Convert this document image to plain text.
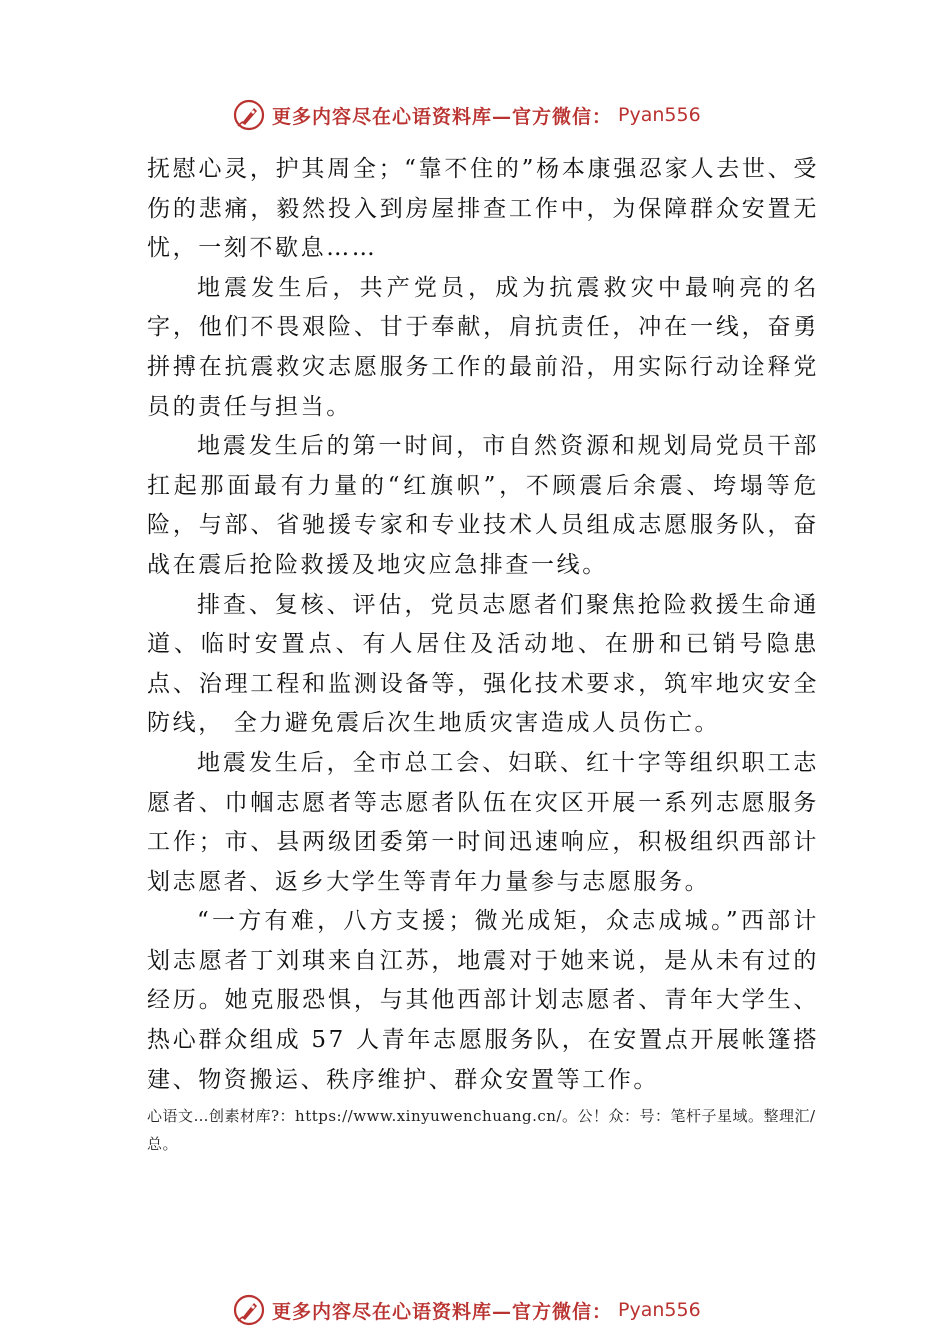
更多内容尽在心语资料库—官方微信： Pyan556

抚慰心灵，护其周全；“靠不住的”杨本康强忍家人去世、受伤的悲痛，毅然投入到房屋排查工作中，为保障群众安置无忧，一刻不歇息……

地震发生后，共产党员，成为抗震救灾中最响亮的名字，他们不畏艰险、甘于奉献，肩抗责任，冲在一线，奋勇拼搏在抗震救灾志愿服务工作的最前沿，用实际行动诠释党员的责任与担当。

地震发生后的第一时间，市自然资源和规划局党员干部扛起那面最有力量的“红旗帜”，不顾震后余震、垮塌等危险，与部、省驰援专家和专业技术人员组成志愿服务队，奋战在震后抢险救援及地灾应急排查一线。

排查、复核、评估，党员志愿者们聚焦抢险救援生命通道、临时安置点、有人居住及活动地、在册和已销号隐患点、治理工程和监测设备等，强化技术要求，筑牢地灾安全防线， 全力避免震后次生地质灾害造成人员伤亡。

地震发生后，全市总工会、妇联、红十字等组织职工志愿者、巾帼志愿者等志愿者队伍在灾区开展一系列志愿服务工作；市、县两级团委第一时间迅速响应，积极组织西部计划志愿者、返乡大学生等青年力量参与志愿服务。

“一方有难，八方支援；微光成矩，众志成城。”西部计划志愿者丁刘琪来自江苏，地震对于她来说，是从未有过的经历。她克服恐惧，与其他西部计划志愿者、青年大学生、 热心群众组成 57 人青年志愿服务队，在安置点开展帐篷搭建、物资搬运、秩序维护、群众安置等工作。

心语文…创素材库?：https://www.xinyuwenchuang.cn/。公！众：号：笔杆子星域。整理汇/总。
更多内容尽在心语资料库—官方微信： Pyan556
